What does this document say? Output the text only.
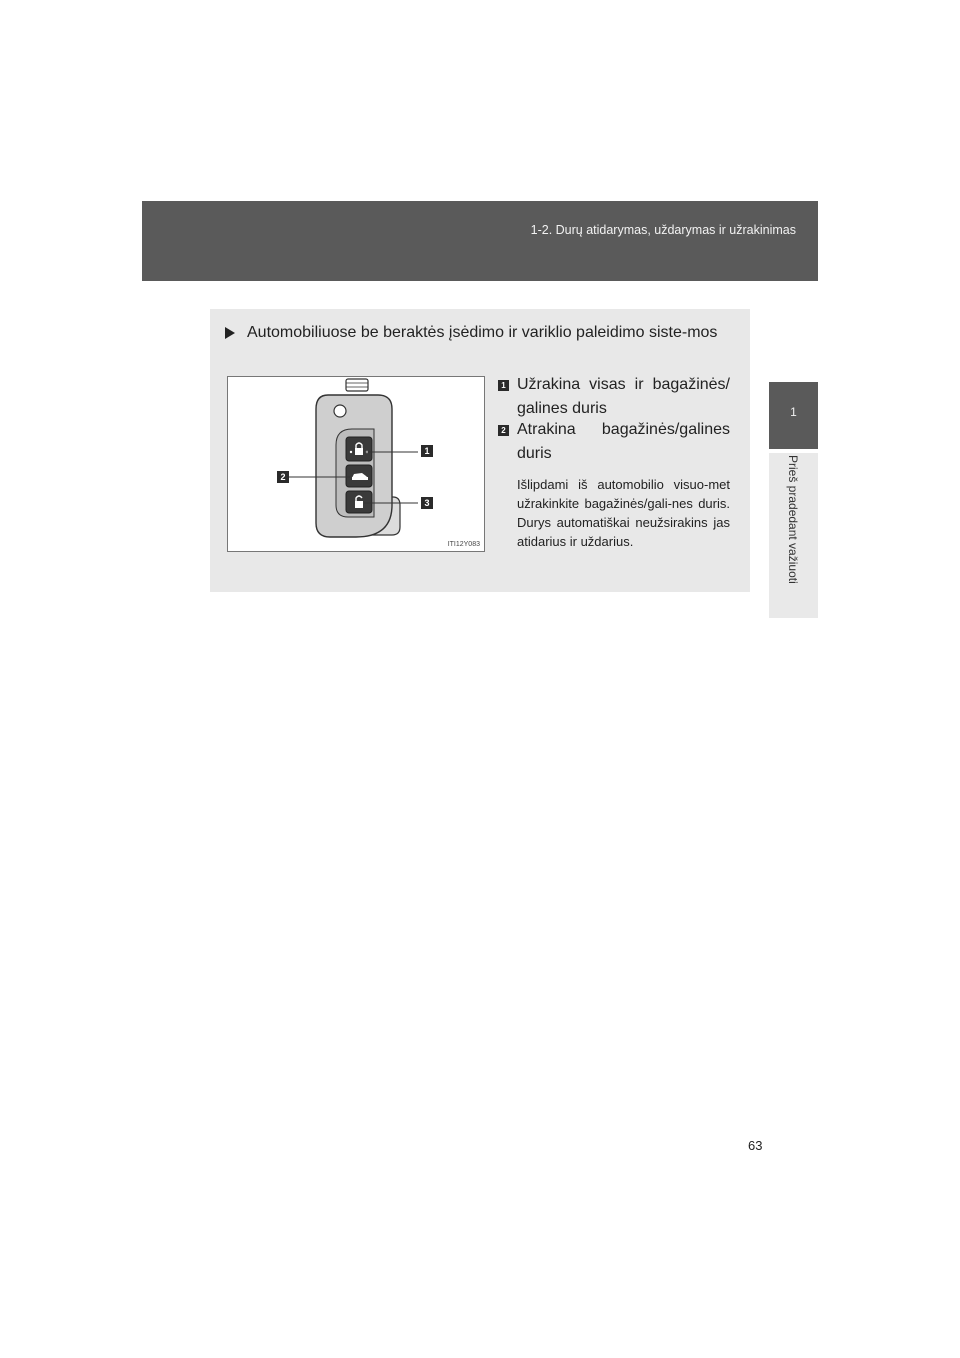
1-2. Durų atidarymas, uždarymas ir užrakinimas
1
Prieš pradedant važiuoti
Automobiliuose be beraktės įsėdimo ir variklio paleidimo siste-mos
1
2
3
ITI12Y083
1 Užrakina visas ir bagažinės/ galines duris
2 Atrakina bagažinės/galines duris
Išlipdami iš automobilio visuo-met užrakinkite bagažinės/gali-nes duris. Durys automatiškai neužsirakins jas atidarius ir uždarius.
63
